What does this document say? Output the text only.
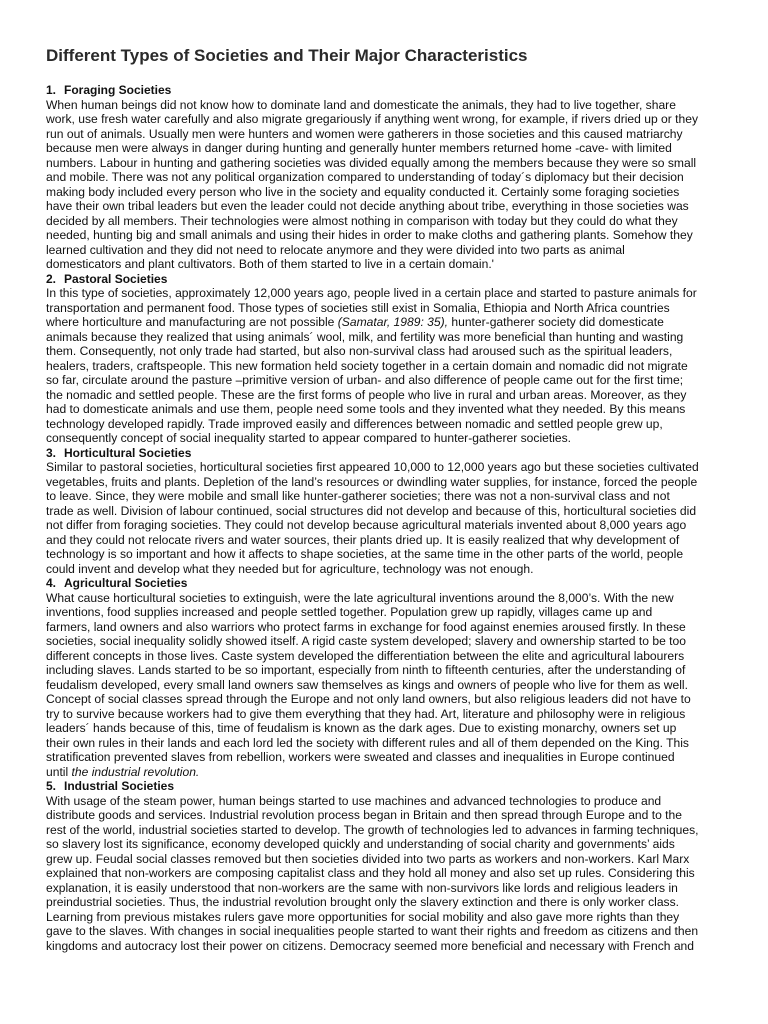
Different Types of Societies and Their Major Characteristics
1. Foraging Societies
When human beings did not know how to dominate land and domesticate the animals, they had to live together, share
work, use fresh water carefully and also migrate gregariously if anything went wrong, for example, if rivers dried up or they
run out of animals. Usually men were hunters and women were gatherers in those societies and this caused matriarchy
because men were always in danger during hunting and generally hunter members returned home -cave- with limited
numbers. Labour in hunting and gathering societies was divided equally among the members because they were so small
and mobile. There was not any political organization compared to understanding of today´s diplomacy but their decision
making body included every person who live in the society and equality conducted it. Certainly some foraging societies
have their own tribal leaders but even the leader could not decide anything about tribe, everything in those societies was
decided by all members. Their technologies were almost nothing in comparison with today but they could do what they
needed, hunting big and small animals and using their hides in order to make cloths and gathering plants. Somehow they
learned cultivation and they did not need to relocate anymore and they were divided into two parts as animal
domesticators and plant cultivators. Both of them started to live in a certain domain.'
2. Pastoral Societies
In this type of societies, approximately 12,000 years ago, people lived in a certain place and started to pasture animals for
transportation and permanent food. Those types of societies still exist in Somalia, Ethiopia and North Africa countries
where horticulture and manufacturing are not possible (Samatar, 1989: 35), hunter-gatherer society did domesticate
animals because they realized that using animals´ wool, milk, and fertility was more beneficial than hunting and wasting
them. Consequently, not only trade had started, but also non-survival class had aroused such as the spiritual leaders,
healers, traders, craftspeople. This new formation held society together in a certain domain and nomadic did not migrate
so far, circulate around the pasture –primitive version of urban- and also difference of people came out for the first time;
the nomadic and settled people. These are the first forms of people who live in rural and urban areas. Moreover, as they
had to domesticate animals and use them, people need some tools and they invented what they needed. By this means
technology developed rapidly. Trade improved easily and differences between nomadic and settled people grew up,
consequently concept of social inequality started to appear compared to hunter-gatherer societies.
3. Horticultural Societies
Similar to pastoral societies, horticultural societies first appeared 10,000 to 12,000 years ago but these societies cultivated
vegetables, fruits and plants. Depletion of the land’s resources or dwindling water supplies, for instance, forced the people
to leave. Since, they were mobile and small like hunter-gatherer societies; there was not a non-survival class and not
trade as well. Division of labour continued, social structures did not develop and because of this, horticultural societies did
not differ from foraging societies. They could not develop because agricultural materials invented about 8,000 years ago
and they could not relocate rivers and water sources, their plants dried up. It is easily realized that why development of
technology is so important and how it affects to shape societies, at the same time in the other parts of the world, people
could invent and develop what they needed but for agriculture, technology was not enough.
4. Agricultural Societies
What cause horticultural societies to extinguish, were the late agricultural inventions around the 8,000’s. With the new
inventions, food supplies increased and people settled together. Population grew up rapidly, villages came up and
farmers, land owners and also warriors who protect farms in exchange for food against enemies aroused firstly. In these
societies, social inequality solidly showed itself. A rigid caste system developed; slavery and ownership started to be too
different concepts in those lives. Caste system developed the differentiation between the elite and agricultural labourers
including slaves. Lands started to be so important, especially from ninth to fifteenth centuries, after the understanding of
feudalism developed, every small land owners saw themselves as kings and owners of people who live for them as well.
Concept of social classes spread through the Europe and not only land owners, but also religious leaders did not have to
try to survive because workers had to give them everything that they had. Art, literature and philosophy were in religious
leaders´ hands because of this, time of feudalism is known as the dark ages. Due to existing monarchy, owners set up
their own rules in their lands and each lord led the society with different rules and all of them depended on the King. This
stratification prevented slaves from rebellion, workers were sweated and classes and inequalities in Europe continued
until the industrial revolution.
5. Industrial Societies
With usage of the steam power, human beings started to use machines and advanced technologies to produce and
distribute goods and services. Industrial revolution process began in Britain and then spread through Europe and to the
rest of the world, industrial societies started to develop. The growth of technologies led to advances in farming techniques,
so slavery lost its significance, economy developed quickly and understanding of social charity and governments’ aids
grew up. Feudal social classes removed but then societies divided into two parts as workers and non-workers. Karl Marx
explained that non-workers are composing capitalist class and they hold all money and also set up rules. Considering this
explanation, it is easily understood that non-workers are the same with non-survivors like lords and religious leaders in
preindustrial societies. Thus, the industrial revolution brought only the slavery extinction and there is only worker class.
Learning from previous mistakes rulers gave more opportunities for social mobility and also gave more rights than they
gave to the slaves. With changes in social inequalities people started to want their rights and freedom as citizens and then
kingdoms and autocracy lost their power on citizens. Democracy seemed more beneficial and necessary with French and
